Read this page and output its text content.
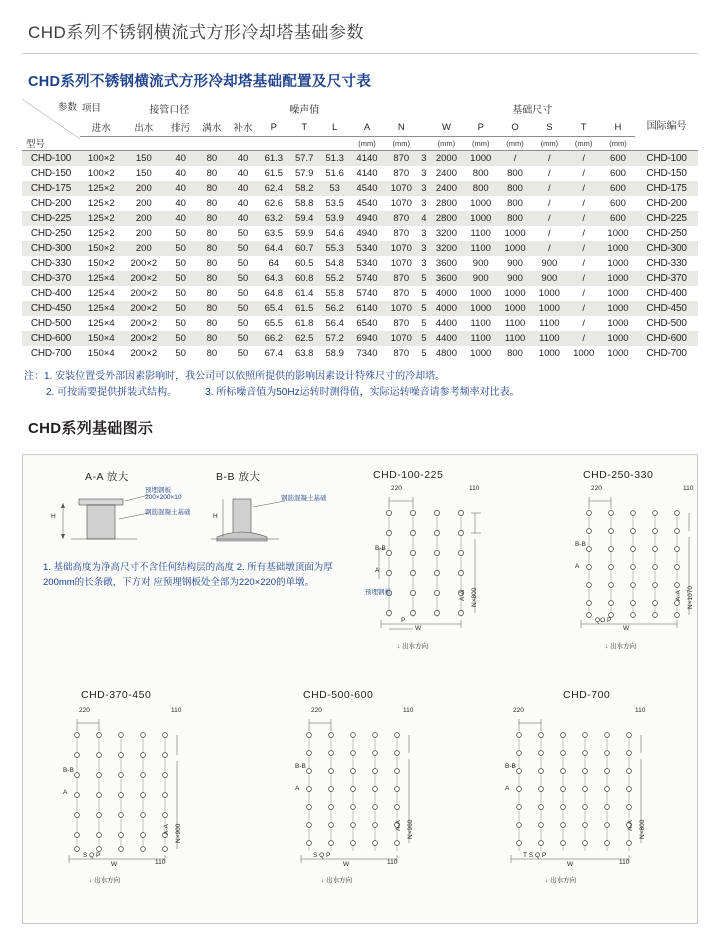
CHD系列不锈钢横流式方形冷却塔基础参数
CHD系列不锈钢横流式方形冷却塔基础配置及尺寸表
参数
型号	项目 接管口径					噪声值						基础尺寸						国际编号
	进水	出水	排污	满水	补水	P	T	L	A	N		W	P	O	S	T	H	

									(mm)	(mm)		(mm)	(mm)	(mm)	(mm)	(mm)	(mm)	

CHD-100	100×2	150	40	80	40	61.3	57.7	51.3	4140	870	3	2000	1000	/	/	/	600	CHD-100
CHD-150	100×2	150	40	80	40	61.5	57.9	51.6	4140	870	3	2400	800	800	/	/	600	CHD-150
CHD-175	125×2	200	40	80	40	62.4	58.2	53	4540	1070	3	2400	800	800	/	/	600	CHD-175
CHD-200	125×2	200	40	80	40	62.6	58.8	53.5	4540	1070	3	2800	1000	800	/	/	600	CHD-200
CHD-225	125×2	200	40	80	40	63.2	59.4	53.9	4940	870	4	2800	1000	800	/	/	600	CHD-225
CHD-250	125×2	200	50	80	50	63.5	59.9	54.6	4940	870	3	3200	1100	1000	/	/	1000	CHD-250
CHD-300	150×2	200	50	80	50	64.4	60.7	55.3	5340	1070	3	3200	1100	1000	/	/	1000	CHD-300
CHD-330	150×2	200×2	50	80	50	64	60.5	54.8	5340	1070	3	3600	900	900	900	/	1000	CHD-330
CHD-370	125×4	200×2	50	80	50	64.3	60.8	55.2	5740	870	5	3600	900	900	900	/	1000	CHD-370
CHD-400	125×4	200×2	50	80	50	64.8	61.4	55.8	5740	870	5	4000	1000	1000	1000	/	1000	CHD-400
CHD-450	125×4	200×2	50	80	50	65.4	61.5	56.2	6140	1070	5	4000	1000	1000	1000	/	1000	CHD-450
CHD-500	125×4	200×2	50	80	50	65.5	61.8	56.4	6540	870	5	4400	1100	1100	1100	/	1000	CHD-500
CHD-600	150×4	200×2	50	80	50	66.2	62.5	57.2	6940	1070	5	4400	1100	1100	1100	/	1000	CHD-600
CHD-700	150×4	200×2	50	80	50	67.4	63.8	58.9	7340	870	5	4800	1000	800	1000	1000	1000	CHD-700
注：1. 安装位置受外部因素影响时，我公司可以依照所提供的影响因素设计特殊尺寸的冷却塔。
2. 可按需要提供拼装式结构。	3. 所标噪音值为50Hz运转时测得值，实际运转噪音请参考频率对比表。
CHD系列基础图示
A-A 放大
H
预埋钢板
200×200×10
钢筋混凝土基础
B-B 放大
H
钢筋混凝土基础
1. 基础高度为净高尺寸不含任何结构层的高度 2. 所有基础墩顶面为厚200mm的长条礅，下方对 应预埋钢板处全部为220×220的单墩。
CHD-100-225
220	110
N×800
A-A
B-B
A
P
W
↓ 出水方向
预埋钢板
CHD-250-330
220	110
N×1070
A-A
B-B
A
QO P
W
↓ 出水方向
CHD-370-450
220	110
N×900
A-A
B-B
A
S Q P
W	110
↓ 出水方向
CHD-500-600
220	110
N×960
A-A
B-B
A
S Q P
W	110
↓ 出水方向
CHD-700
220	110
N×800
A-A
B-B
A
T S Q P
W	110
↓ 出水方向
